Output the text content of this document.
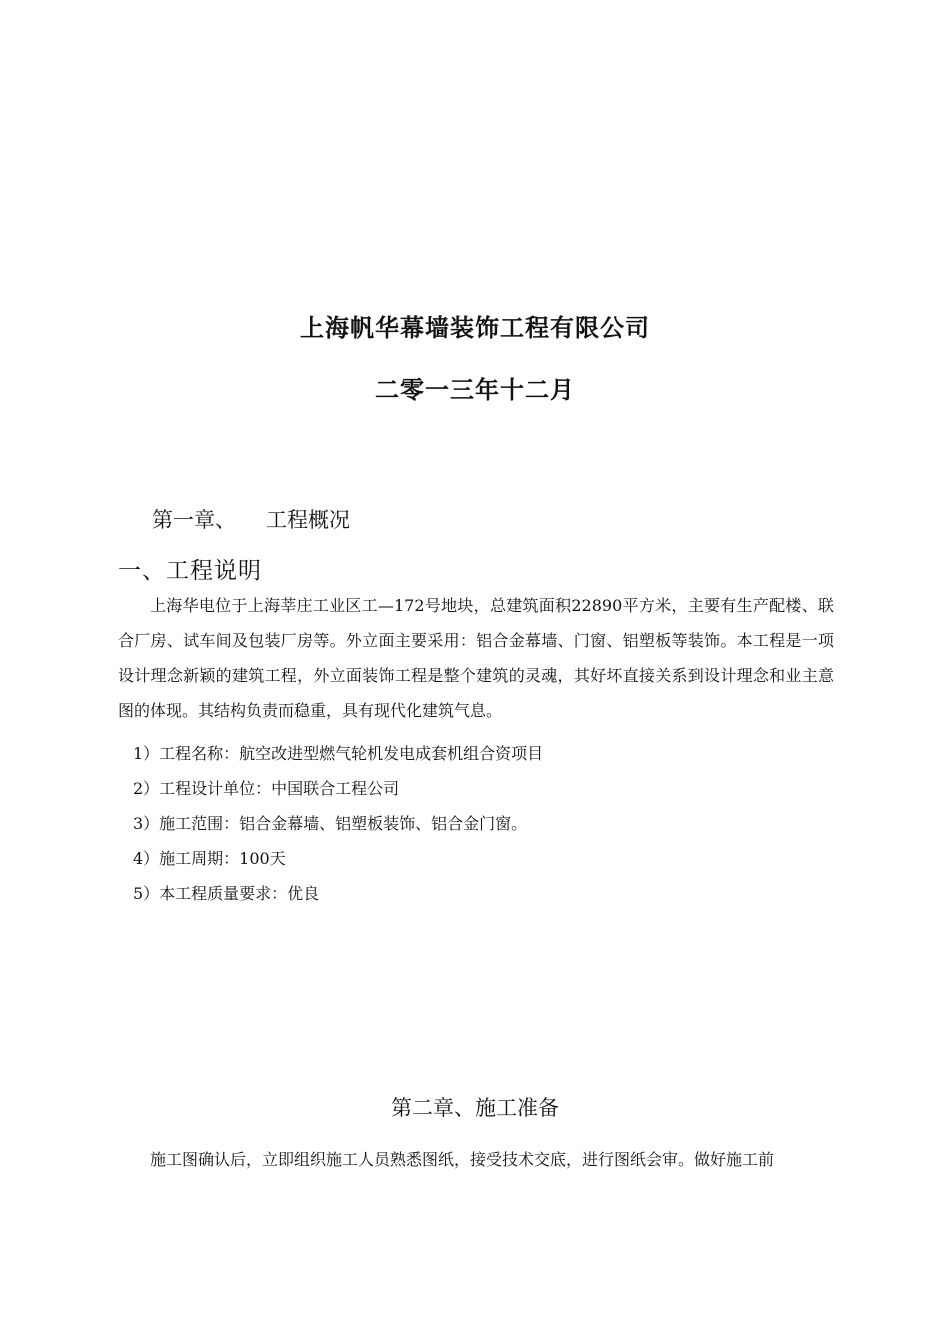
上海帆华幕墙装饰工程有限公司
二零一三年十二月
第一章、 工程概况
一、工程说明
上海华电位于上海莘庄工业区工—172号地块，总建筑面积22890平方米，主要有生产配楼、联合厂房、试车间及包装厂房等。外立面主要采用：铝合金幕墙、门窗、铝塑板等装饰。本工程是一项设计理念新颖的建筑工程，外立面装饰工程是整个建筑的灵魂，其好坏直接关系到设计理念和业主意图的体现。其结构负责而稳重，具有现代化建筑气息。
1）工程名称：航空改进型燃气轮机发电成套机组合资项目
2）工程设计单位：中国联合工程公司
3）施工范围：铝合金幕墙、铝塑板装饰、铝合金门窗。
4）施工周期：100天
5）本工程质量要求：优良
第二章、施工准备
施工图确认后，立即组织施工人员熟悉图纸，接受技术交底，进行图纸会审。做好施工前
